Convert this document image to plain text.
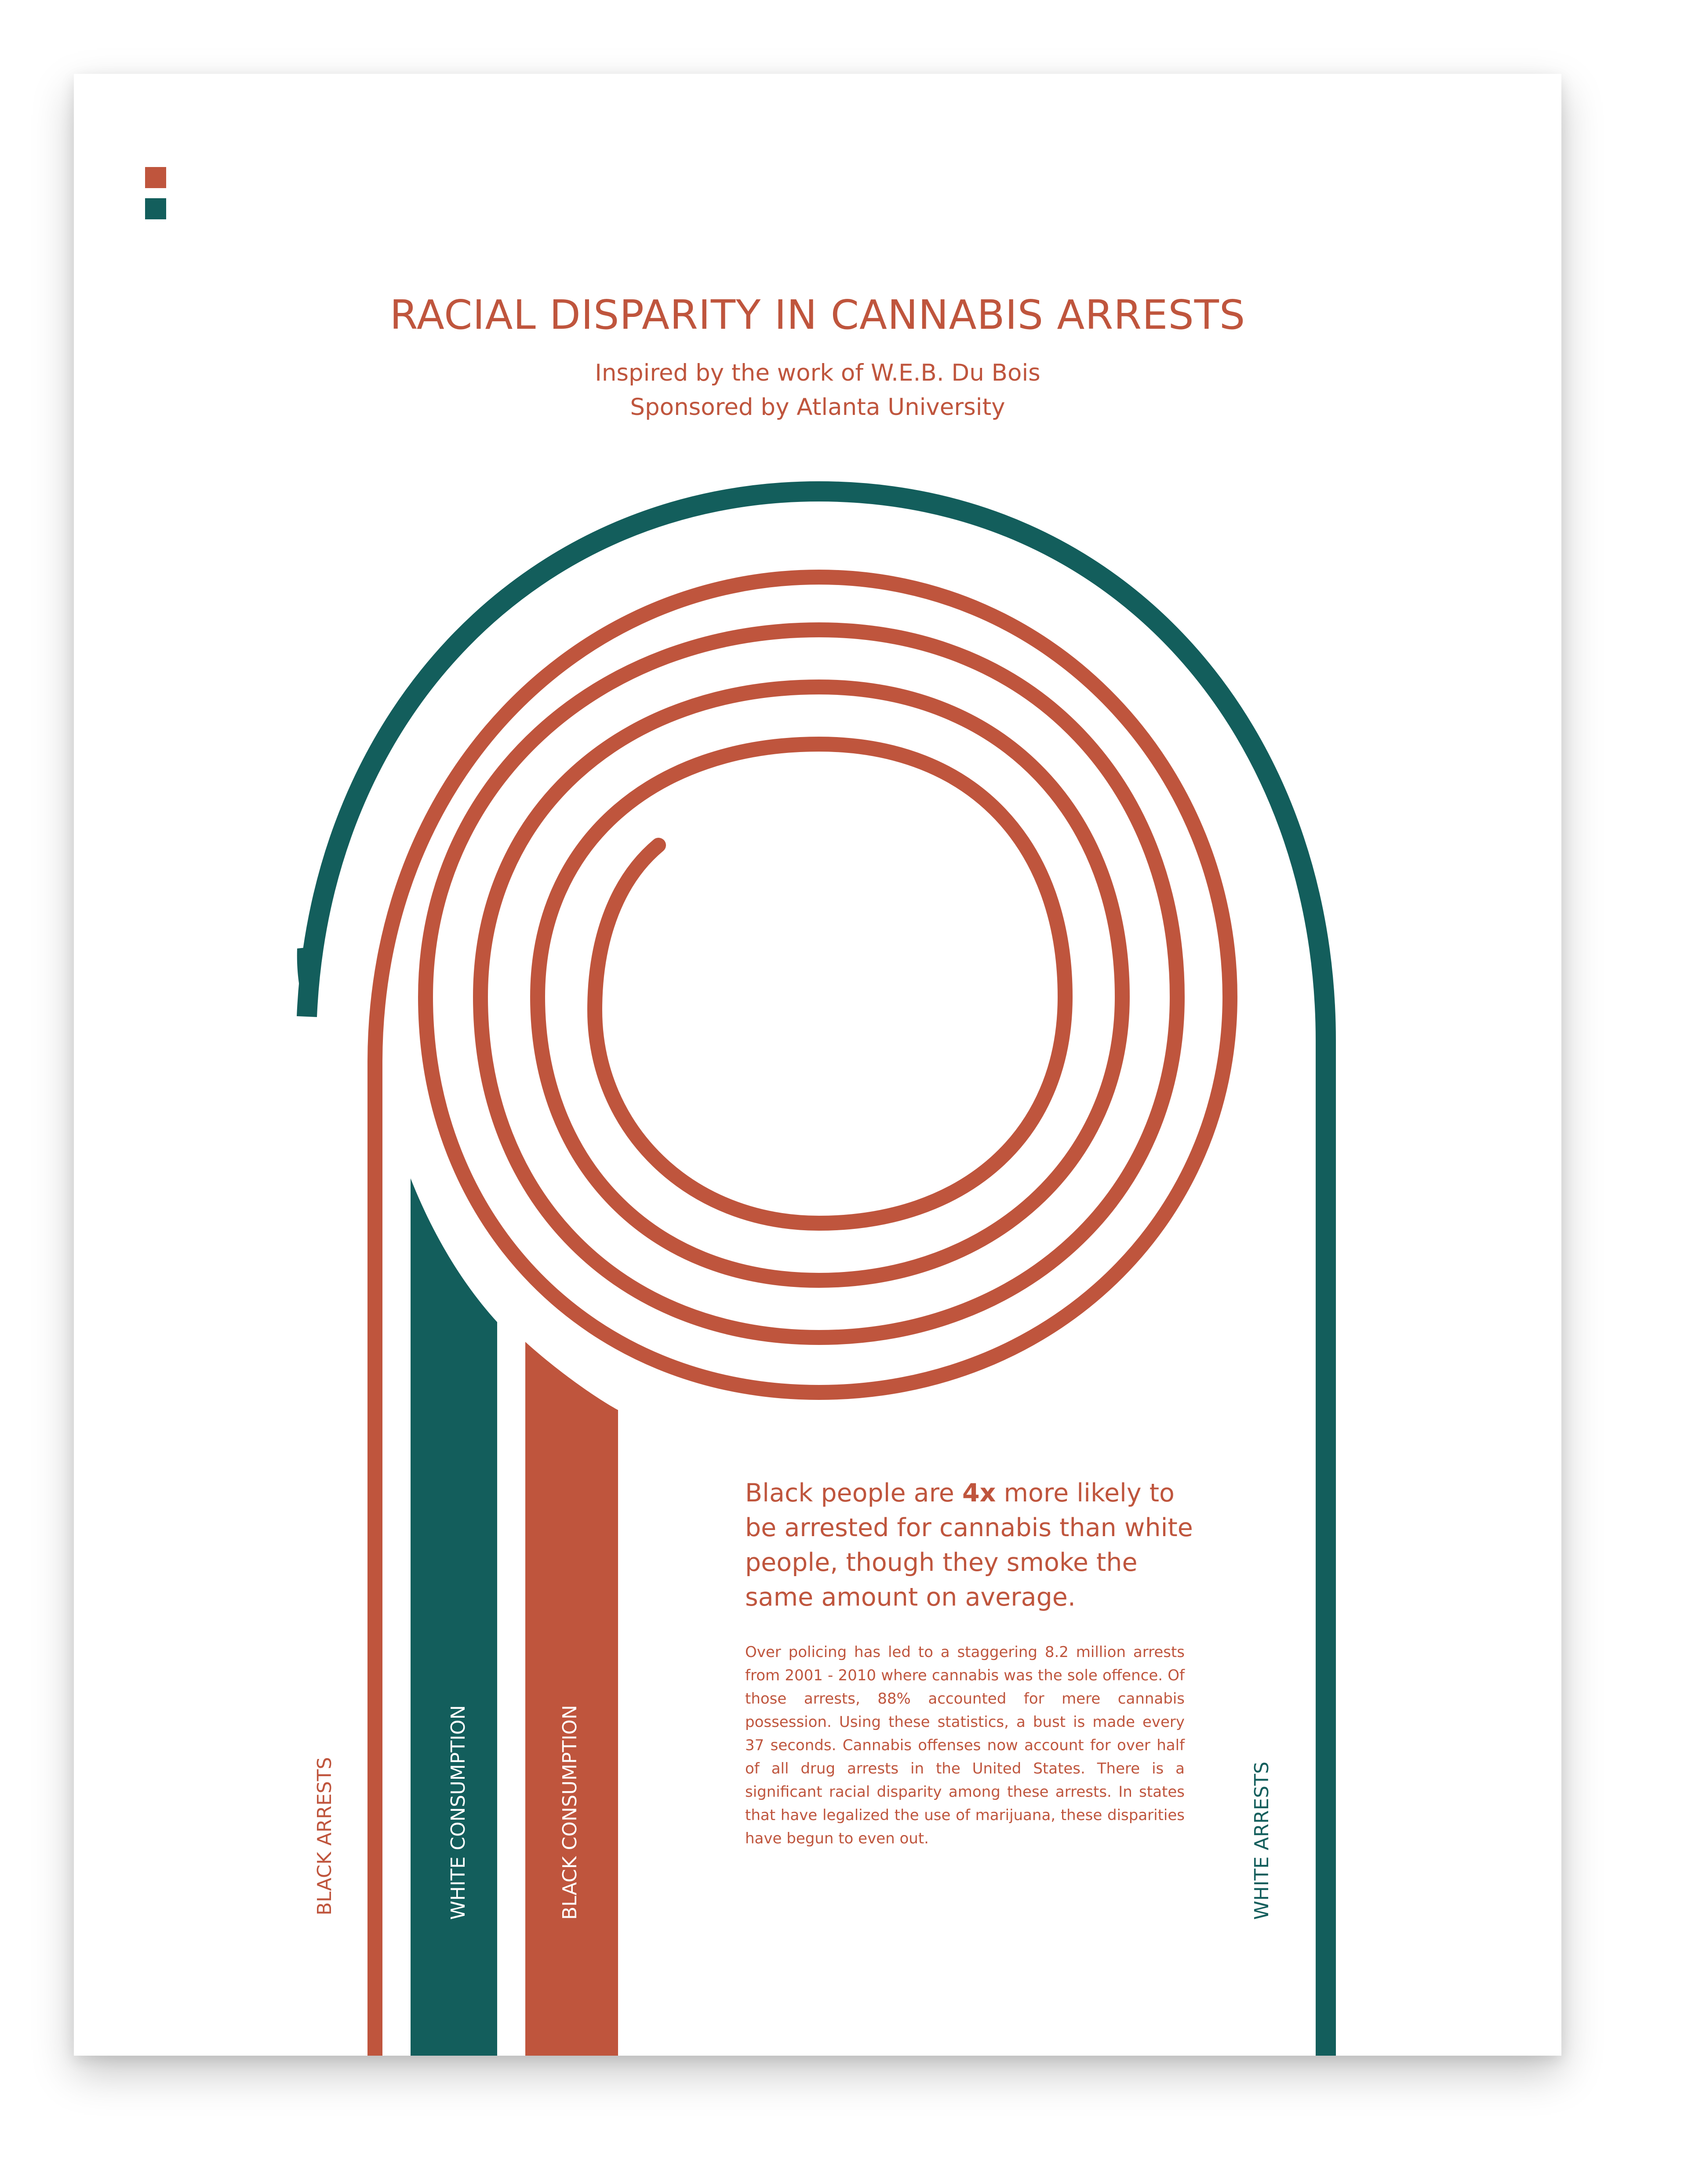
RACIAL DISPARITY IN CANNABIS ARRESTS
Inspired by the work of W.E.B. Du Bois
Sponsored by Atlanta University
Black people are 4x more likely to be arrested for cannabis than white people, though they smoke the same amount on average.
Over policing has led to a staggering 8.2 million arrests from 2001 - 2010 where cannabis was the sole offence. Of those arrests, 88% accounted for mere cannabis possession. Using these statistics, a bust is made every 37 seconds. Cannabis offenses now account for over half of all drug arrests in the United States. There is a significant racial disparity among these arrests. In states that have legalized the use of marijuana, these disparities have begun to even out.
BLACK ARRESTS	WHITE CONSUMPTION	BLACK CONSUMPTION	WHITE ARRESTS
